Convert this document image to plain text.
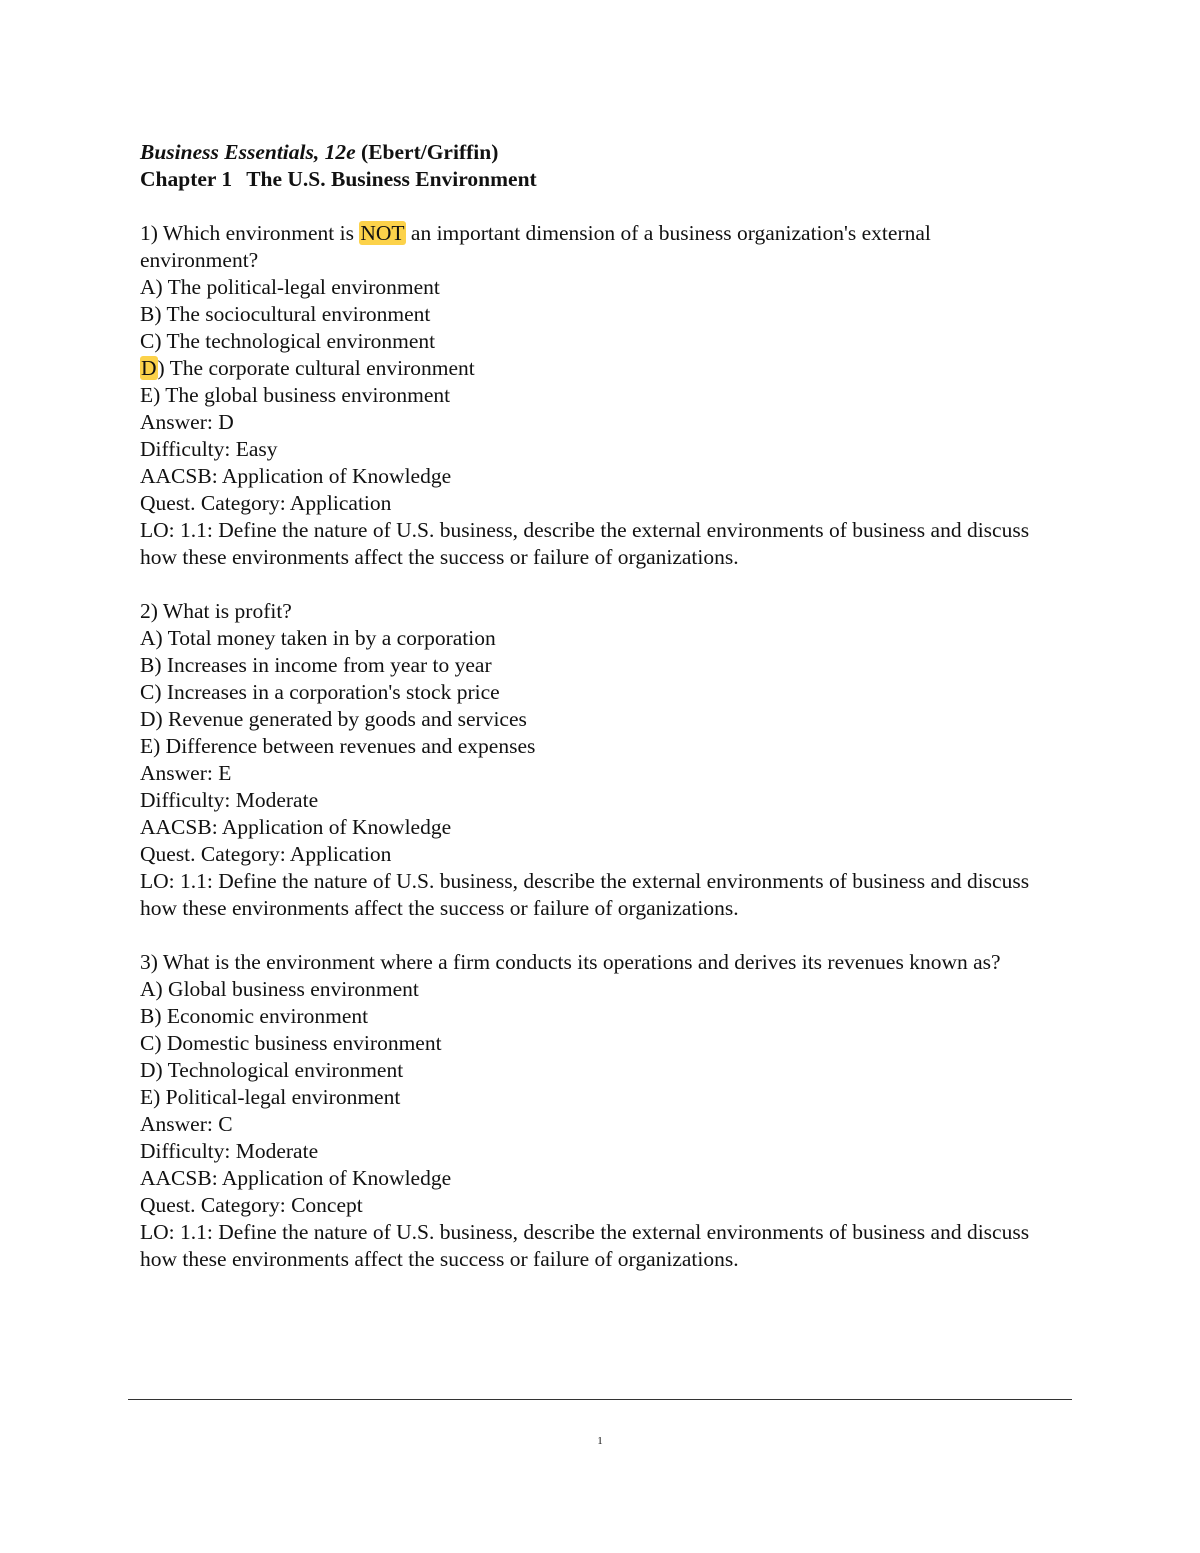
Business Essentials, 12e (Ebert/Griffin)
Chapter 1 The U.S. Business Environment
1) Which environment is NOT an important dimension of a business organization's external
environment?
A) The political-legal environment
B) The sociocultural environment
C) The technological environment
D) The corporate cultural environment
E) The global business environment
Answer: D
Difficulty: Easy
AACSB: Application of Knowledge
Quest. Category: Application
LO: 1.1: Define the nature of U.S. business, describe the external environments of business and discuss how these environments affect the success or failure of organizations.
2) What is profit?
A) Total money taken in by a corporation
B) Increases in income from year to year
C) Increases in a corporation's stock price
D) Revenue generated by goods and services
E) Difference between revenues and expenses
Answer: E
Difficulty: Moderate
AACSB: Application of Knowledge
Quest. Category: Application
LO: 1.1: Define the nature of U.S. business, describe the external environments of business and discuss how these environments affect the success or failure of organizations.
3) What is the environment where a firm conducts its operations and derives its revenues known as?
A) Global business environment
B) Economic environment
C) Domestic business environment
D) Technological environment
E) Political-legal environment
Answer: C
Difficulty: Moderate
AACSB: Application of Knowledge
Quest. Category: Concept
LO: 1.1: Define the nature of U.S. business, describe the external environments of business and discuss how these environments affect the success or failure of organizations.
1
